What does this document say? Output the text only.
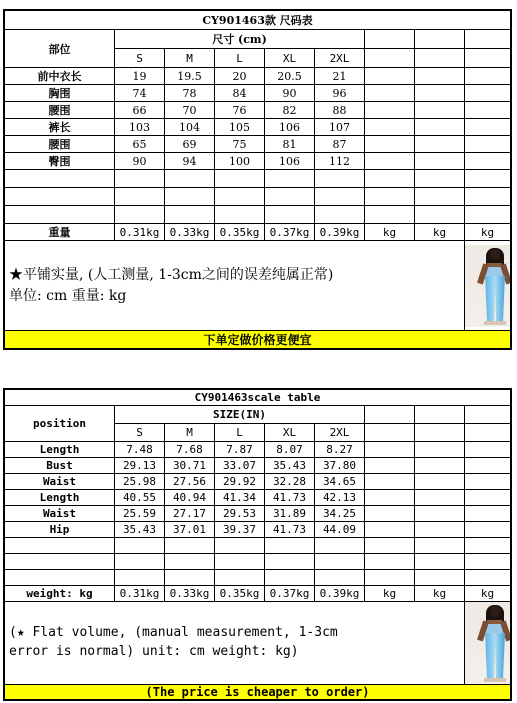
CY901463款 尺码表								
部位	尺寸 (cm)							
	S	M	L	XL	2XL			
前中衣长	19	19.5	20	20.5	21			
胸围	74	78	84	90	96			
腰围	66	70	76	82	88			
裤长	103	104	105	106	107			
腰围	65	69	75	81	87			
臀围	90	94	100	106	112			

重量	0.31kg	0.33kg	0.35kg	0.37kg	0.39kg	kg	kg	kg

★平铺实量, (人工测量, 1-3cm之间的误差纯属正常)
单位: cm 重量: kg								

下单定做价格更便宜								
CY901463scale table								
position	SIZE(IN)							
	S	M	L	XL	2XL			
Length	7.48	7.68	7.87	8.07	8.27			
Bust	29.13	30.71	33.07	35.43	37.80			
Waist	25.98	27.56	29.92	32.28	34.65			
Length	40.55	40.94	41.34	41.73	42.13			
Waist	25.59	27.17	29.53	31.89	34.25			
Hip	35.43	37.01	39.37	41.73	44.09			

weight: kg	0.31kg	0.33kg	0.35kg	0.37kg	0.39kg	kg	kg	kg

(★ Flat volume, (manual measurement, 1-3cm
error is normal) unit: cm weight: kg)								

(The price is cheaper to order)								
